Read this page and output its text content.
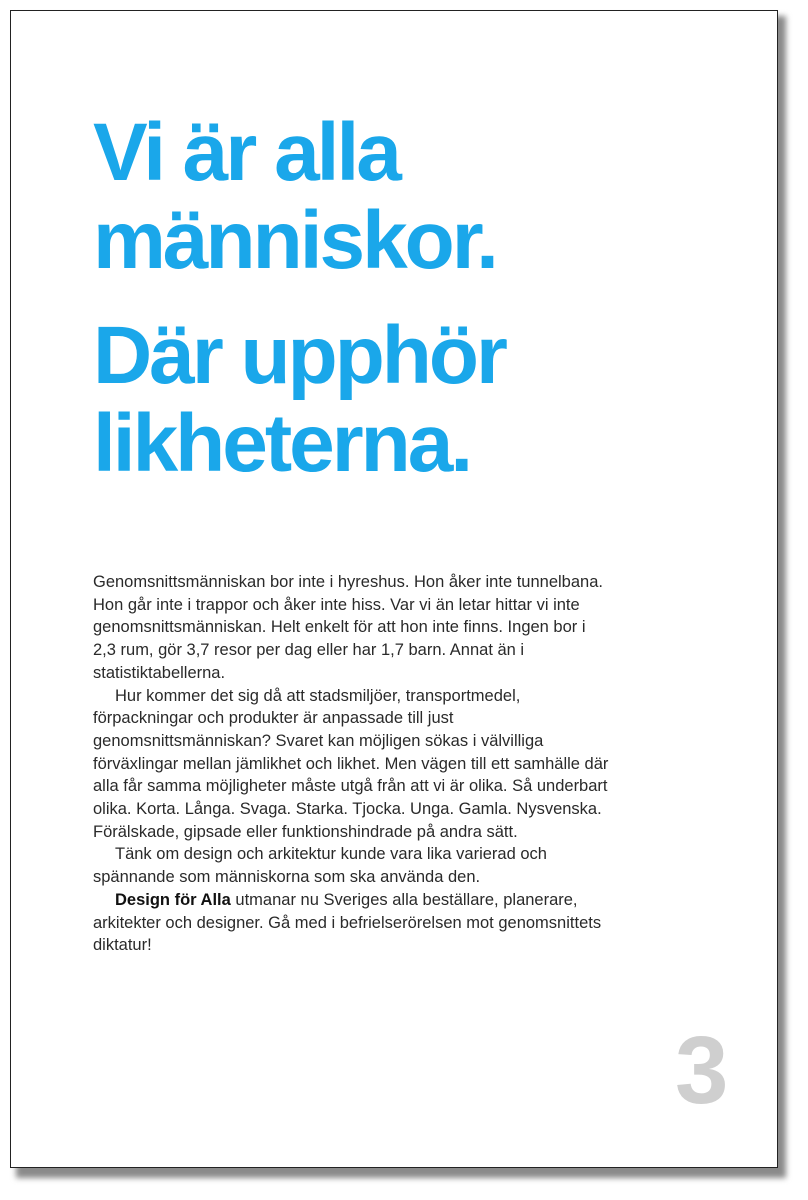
Vi är alla
människor.
Där upphör
likheterna.

Genomsnittsmänniskan bor inte i hyreshus. Hon åker inte tunnelbana. Hon går inte i trappor och åker inte hiss. Var vi än letar hittar vi inte genomsnittsmänniskan. Helt enkelt för att hon inte finns. Ingen bor i 2,3 rum, gör 3,7 resor per dag eller har 1,7 barn. Annat än i statistiktabellerna.

Hur kommer det sig då att stadsmiljöer, transportmedel, förpackningar och produkter är anpassade till just genomsnittsmänniskan? Svaret kan möjligen sökas i välvilliga förväxlingar mellan jämlikhet och likhet. Men vägen till ett samhälle där alla får samma möjligheter måste utgå från att vi är olika. Så underbart olika. Korta. Långa. Svaga. Starka. Tjocka. Unga. Gamla. Nysvenska. Förälskade, gipsade eller funktionshindrade på andra sätt.

Tänk om design och arkitektur kunde vara lika varierad och spännande som människorna som ska använda den.

Design för Alla utmanar nu Sveriges alla beställare, planerare, arkitekter och designer. Gå med i befrielserörelsen mot genomsnittets diktatur!

3
